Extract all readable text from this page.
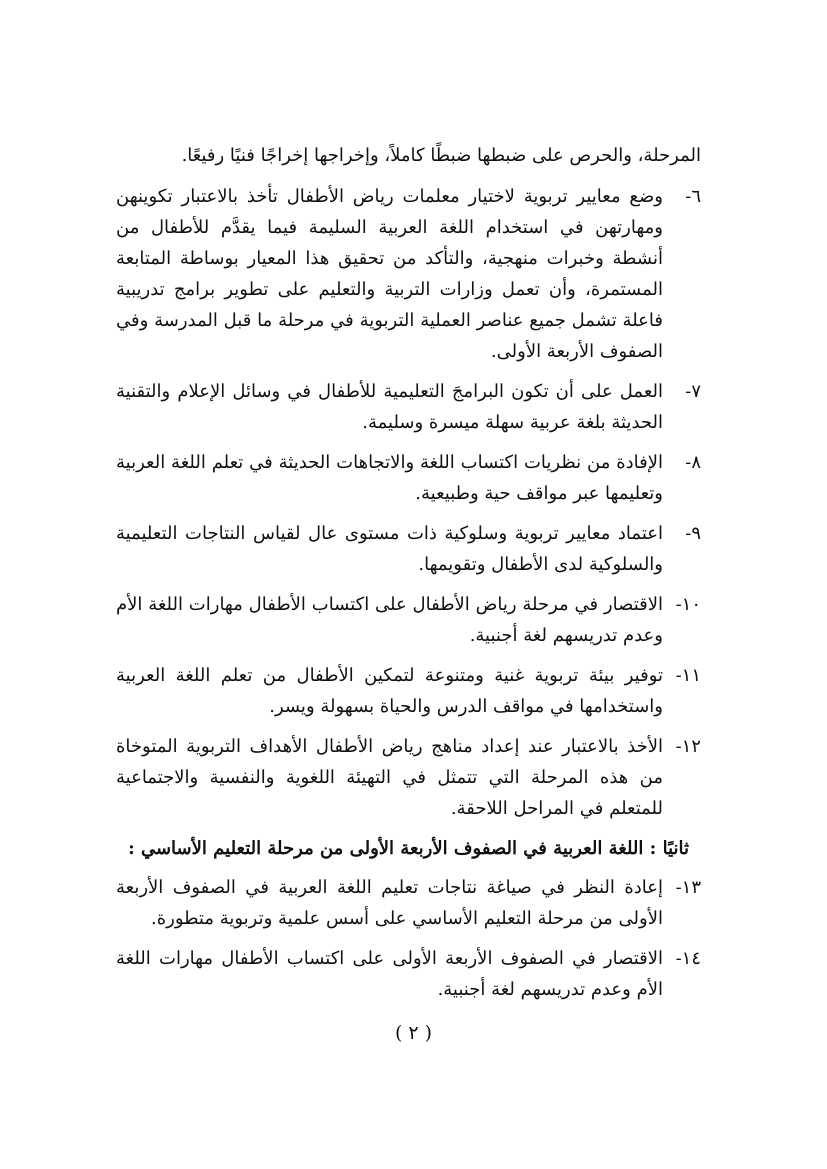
المرحلة، والحرص على ضبطها ضبطًا كاملاً، وإخراجها إخراجًا فنيًا رفيعًا.

٦-
وضع معايير تربوية لاختيار معلمات رياض الأطفال تأخذ بالاعتبار تكوينهن ومهارتهن في استخدام اللغة العربية السليمة فيما يقدَّم للأطفال من أنشطة وخبرات منهجية، والتأكد من تحقيق هذا المعيار بوساطة المتابعة المستمرة، وأن تعمل وزارات التربية والتعليم على تطوير برامج تدريبية فاعلة تشمل جميع عناصر العملية التربوية في مرحلة ما قبل المدرسة وفي الصفوف الأربعة الأولى.
٧-
العمل على أن تكون البرامجَ التعليمية للأطفال في وسائل الإعلام والتقنية الحديثة بلغة عربية سهلة ميسرة وسليمة.
٨-
الإفادة من نظريات اكتساب اللغة والاتجاهات الحديثة في تعلم اللغة العربية وتعليمها عبر مواقف حية وطبيعية.
٩-
اعتماد معايير تربوية وسلوكية ذات مستوى عال لقياس النتاجات التعليمية والسلوكية لدى الأطفال وتقويمها.
١٠-
الاقتصار في مرحلة رياض الأطفال على اكتساب الأطفال مهارات اللغة الأم وعدم تدريسهم لغة أجنبية.
١١-
توفير بيئة تربوية غنية ومتنوعة لتمكين الأطفال من تعلم اللغة العربية واستخدامها في مواقف الدرس والحياة بسهولة ويسر.
١٢-
الأخذ بالاعتبار عند إعداد مناهج رياض الأطفال الأهداف التربوية المتوخاة من هذه المرحلة التي تتمثل في التهيئة اللغوية والنفسية والاجتماعية للمتعلم في المراحل اللاحقة.
ثانيًا : اللغة العربية في الصفوف الأربعة الأولى من مرحلة التعليم الأساسي :
١٣-
إعادة النظر في صياغة نتاجات تعليم اللغة العربية في الصفوف الأربعة الأولى من مرحلة التعليم الأساسي على أسس علمية وتربوية متطورة.
١٤-
الاقتصار في الصفوف الأربعة الأولى على اكتساب الأطفال مهارات اللغة الأم وعدم تدريسهم لغة أجنبية.
( ٢ )
